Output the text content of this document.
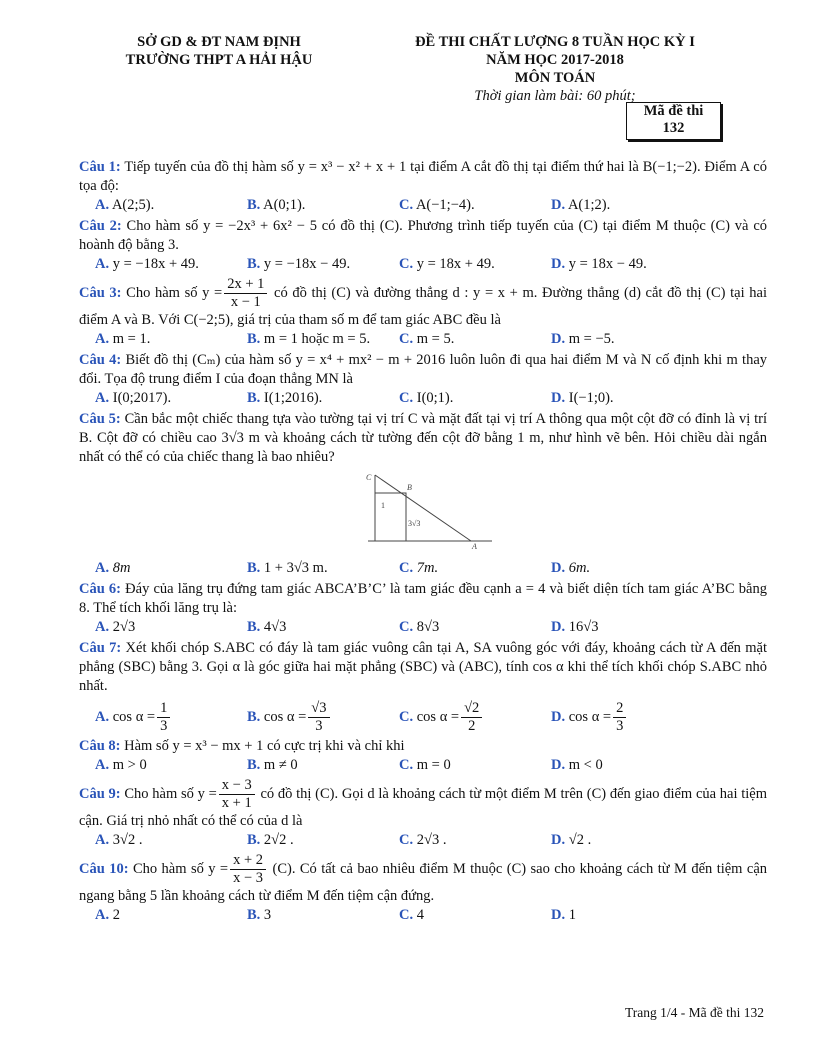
SỞ GD & ĐT NAM ĐỊNH
TRƯỜNG THPT A HẢI HẬU
ĐỀ THI CHẤT LƯỢNG 8 TUẦN HỌC KỲ I
NĂM HỌC 2017-2018
MÔN TOÁN
Thời gian làm bài: 60 phút;
Mã đề thi
132

Câu 1: Tiếp tuyến của đồ thị hàm số y = x³ − x² + x + 1 tại điểm A cắt đồ thị tại điểm thứ hai là B(−1;−2). Điểm A có tọa độ:

A. A(2;5).	B. A(0;1).	C. A(−1;−4).	D. A(1;2).

Câu 2: Cho hàm số y = −2x³ + 6x² − 5 có đồ thị (C). Phương trình tiếp tuyến của (C) tại điểm M thuộc (C) và có hoành độ bằng 3.

A. y = −18x + 49.	B. y = −18x − 49.	C. y = 18x + 49.	D. y = 18x − 49.

Câu 3: Cho hàm số $y = \frac{2x + 1}{x - 1}$ có đồ thị (C) và đường thẳng d : y = x + m. Đường thẳng (d) cắt đồ thị (C) tại hai điểm A và B. Với C(−2;5), giá trị của tham số m để tam giác ABC đều là

A. m = 1.	B. m = 1 hoặc m = 5.	C. m = 5.	D. m = −5.

Câu 4: Biết đồ thị (Cₘ) của hàm số y = x⁴ + mx² − m + 2016 luôn luôn đi qua hai điểm M và N cố định khi m thay đổi. Tọa độ trung điểm I của đoạn thẳng MN là

A. I(0;2017).	B. I(1;2016).	C. I(0;1).	D. I(−1;0).

Câu 5: Cần bắc một chiếc thang tựa vào tường tại vị trí C và mặt đất tại vị trí A thông qua một cột đỡ có đỉnh là vị trí B. Cột đỡ có chiều cao 3√3 m và khoảng cách từ tường đến cột đỡ bằng 1 m, như hình vẽ bên. Hỏi chiều dài ngắn nhất có thể có của chiếc thang là bao nhiêu?

C
B
A
1
3√3
A. 8m	B. 1 + 3√3 m.	C. 7m.	D. 6m.

Câu 6: Đáy của lăng trụ đứng tam giác ABCA’B’C’ là tam giác đều cạnh a = 4 và biết diện tích tam giác A’BC bằng 8. Thể tích khối lăng trụ là:

A. 2√3	B. 4√3	C. 8√3	D. 16√3

Câu 7: Xét khối chóp S.ABC có đáy là tam giác vuông cân tại A, SA vuông góc với đáy, khoảng cách từ A đến mặt phẳng (SBC) bằng 3. Gọi α là góc giữa hai mặt phẳng (SBC) và (ABC), tính cos α khi thể tích khối chóp S.ABC nhỏ nhất.

A. $\cos \alpha = \frac{1}{3}$	B. $\cos \alpha = \frac{√3}{3}$	C. $\cos \alpha = \frac{√2}{2}$	D. $\cos \alpha = \frac{2}{3}$

Câu 8: Hàm số y = x³ − mx + 1 có cực trị khi và chỉ khi

A. m > 0	B. m ≠ 0	C. m = 0	D. m < 0

Câu 9: Cho hàm số $y = \frac{x - 3}{x + 1}$ có đồ thị (C). Gọi d là khoảng cách từ một điểm M trên (C) đến giao điểm của hai tiệm cận. Giá trị nhỏ nhất có thể có của d là

A. 3√2 .	B. 2√2 .	C. 2√3 .	D. √2 .

Câu 10: Cho hàm số $y = \frac{x + 2}{x - 3} (C)$. Có tất cả bao nhiêu điểm M thuộc (C) sao cho khoảng cách từ M đến tiệm cận ngang bằng 5 lần khoảng cách từ điểm M đến tiệm cận đứng.

A. 2	B. 3	C. 4	D. 1
Trang 1/4 - Mã đề thi 132
